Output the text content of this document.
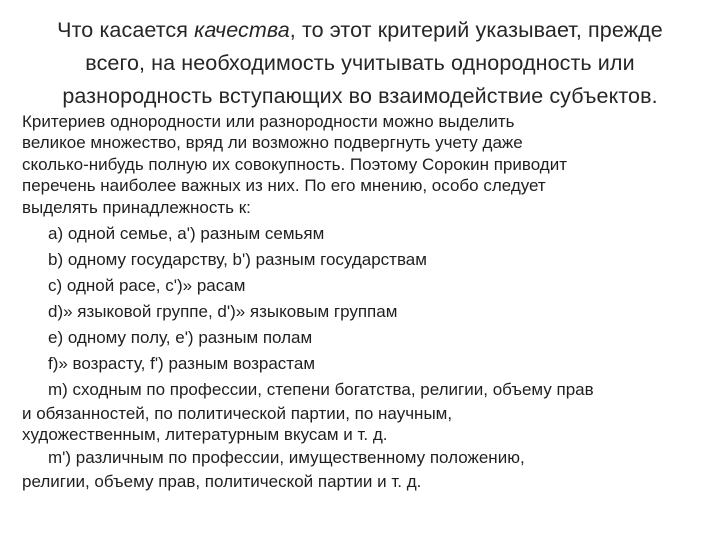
Что касается качества, то этот критерий указывает, прежде
всего, на необходимость учитывать однородность или
разнородность вступающих во взаимодействие субъектов.
Критериев однородности или разнородности можно выделить
великое множество, вряд ли возможно подвергнуть учету даже
сколько-нибудь полную их совокупность. Поэтому Сорокин приводит
перечень наиболее важных из них. По его мнению, особо следует
выделять принадлежность к:
a) одной семье, a') разным семьям
b) одному государству, b') разным государствам
c) одной расе, c')» расам
d)» языковой группе, d')» языковым группам
e) одному полу, e') разным полам
f)» возрасту, f') разным возрастам
m) сходным по профессии, степени богатства, религии, объему прав
и обязанностей, по политической партии, по научным,
художественным, литературным вкусам и т. д.
m') различным по профессии, имущественному положению,
религии, объему прав, политической партии и т. д.
